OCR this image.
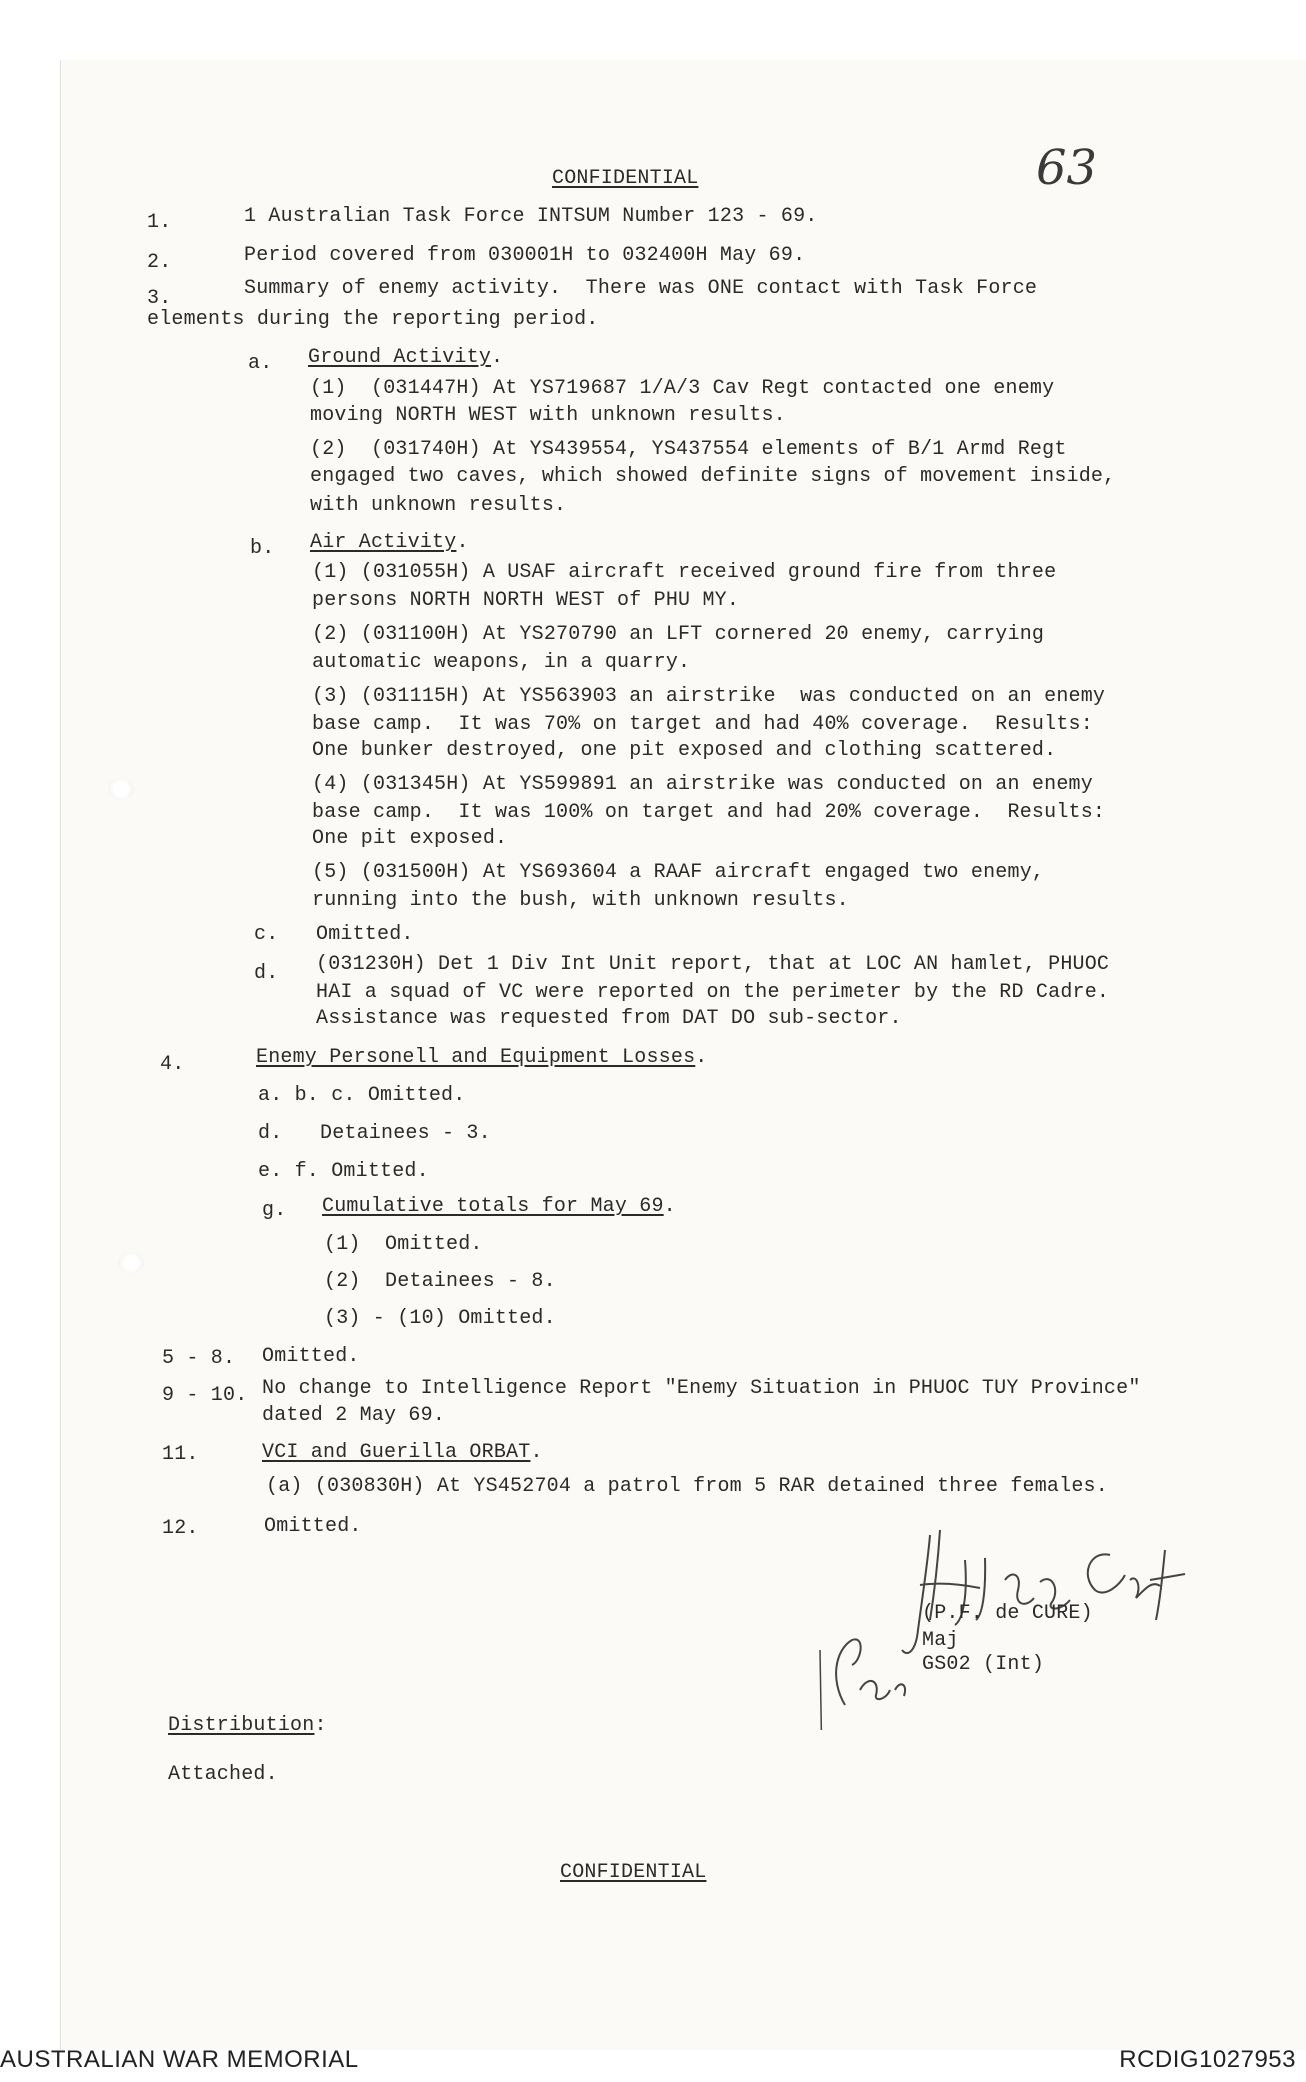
CONFIDENTIAL	63
1.	1 Australian Task Force INTSUM Number 123 - 69.
2.	Period covered from 030001H to 032400H May 69.
3.	Summary of enemy activity.  There was ONE contact with Task Force
elements during the reporting period.
a. Ground Activity.
(1)  (031447H) At YS719687 1/A/3 Cav Regt contacted one enemy
moving NORTH WEST with unknown results.
(2)  (031740H) At YS439554, YS437554 elements of B/1 Armd Regt
engaged two caves, which showed definite signs of movement inside,
with unknown results.
b. Air Activity.
(1) (031055H) A USAF aircraft received ground fire from three
persons NORTH NORTH WEST of PHU MY.
(2) (031100H) At YS270790 an LFT cornered 20 enemy, carrying
automatic weapons, in a quarry.
(3) (031115H) At YS563903 an airstrike  was conducted on an enemy
base camp.  It was 70% on target and had 40% coverage.  Results:
One bunker destroyed, one pit exposed and clothing scattered.
(4) (031345H) At YS599891 an airstrike was conducted on an enemy
base camp.  It was 100% on target and had 20% coverage.  Results:
One pit exposed.
(5) (031500H) At YS693604 a RAAF aircraft engaged two enemy,
running into the bush, with unknown results.
c. Omitted.
d. (031230H) Det 1 Div Int Unit report, that at LOC AN hamlet, PHUOC
HAI a squad of VC were reported on the perimeter by the RD Cadre.
Assistance was requested from DAT DO sub-sector.
4.	Enemy Personell and Equipment Losses.
a. b. c. Omitted.
d. Detainees - 3.
e. f. Omitted.
g. Cumulative totals for May 69.
(1)  Omitted.
(2)  Detainees - 8.
(3) - (10) Omitted.
5 - 8. Omitted.
9 - 10. No change to Intelligence Report "Enemy Situation in PHUOC TUY Province"
dated 2 May 69.
11.	VCI and Guerilla ORBAT.
(a) (030830H) At YS452704 a patrol from 5 RAR detained three females.
12.	Omitted.
(P.F. de CURE)
Maj
GS02 (Int)
Distribution:
Attached.
CONFIDENTIAL
AUSTRALIAN WAR MEMORIAL	RCDIG1027953
